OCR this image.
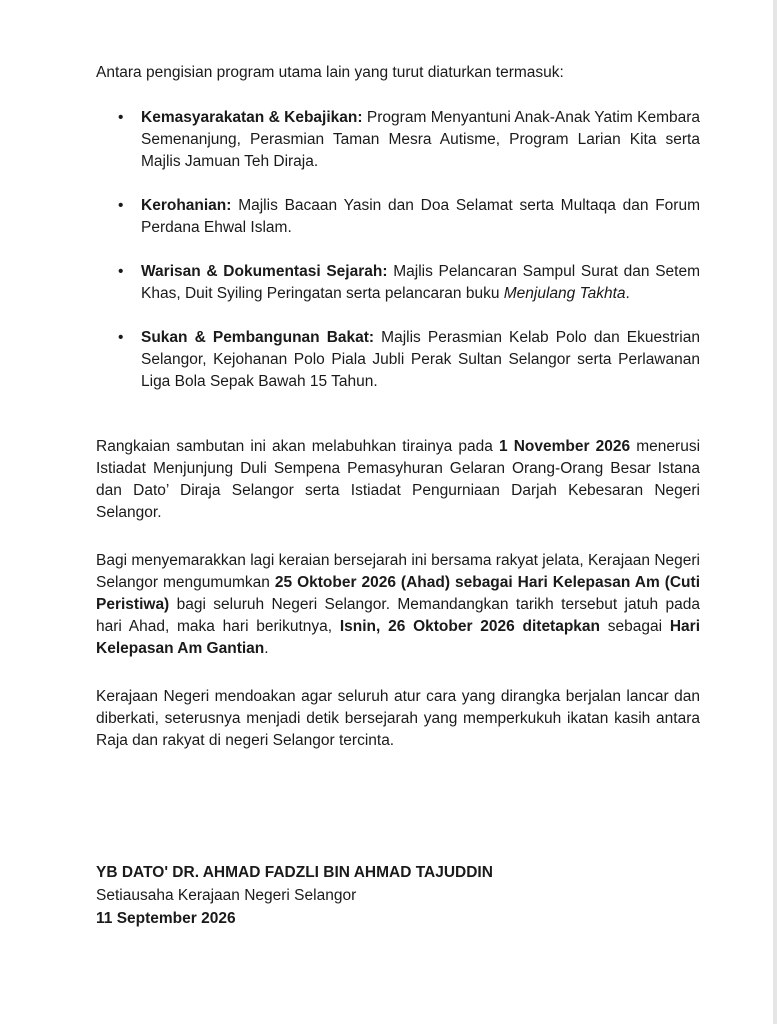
Antara pengisian program utama lain yang turut diaturkan termasuk:
• Kemasyarakatan & Kebajikan: Program Menyantuni Anak-Anak Yatim Kembara Semenanjung, Perasmian Taman Mesra Autisme, Program Larian Kita serta Majlis Jamuan Teh Diraja.
• Kerohanian: Majlis Bacaan Yasin dan Doa Selamat serta Multaqa dan Forum Perdana Ehwal Islam.
• Warisan & Dokumentasi Sejarah: Majlis Pelancaran Sampul Surat dan Setem Khas, Duit Syiling Peringatan serta pelancaran buku Menjulang Takhta.
• Sukan & Pembangunan Bakat: Majlis Perasmian Kelab Polo dan Ekuestrian Selangor, Kejohanan Polo Piala Jubli Perak Sultan Selangor serta Perlawanan Liga Bola Sepak Bawah 15 Tahun.
Rangkaian sambutan ini akan melabuhkan tirainya pada 1 November 2026 menerusi Istiadat Menjunjung Duli Sempena Pemasyhuran Gelaran Orang-Orang Besar Istana dan Dato’ Diraja Selangor serta Istiadat Pengurniaan Darjah Kebesaran Negeri Selangor.
Bagi menyemarakkan lagi keraian bersejarah ini bersama rakyat jelata, Kerajaan Negeri Selangor mengumumkan 25 Oktober 2026 (Ahad) sebagai Hari Kelepasan Am (Cuti Peristiwa) bagi seluruh Negeri Selangor. Memandangkan tarikh tersebut jatuh pada hari Ahad, maka hari berikutnya, Isnin, 26 Oktober 2026 ditetapkan sebagai Hari Kelepasan Am Gantian.
Kerajaan Negeri mendoakan agar seluruh atur cara yang dirangka berjalan lancar dan diberkati, seterusnya menjadi detik bersejarah yang memperkukuh ikatan kasih antara Raja dan rakyat di negeri Selangor tercinta.
YB DATO' DR. AHMAD FADZLI BIN AHMAD TAJUDDIN
Setiausaha Kerajaan Negeri Selangor
11 September 2026
